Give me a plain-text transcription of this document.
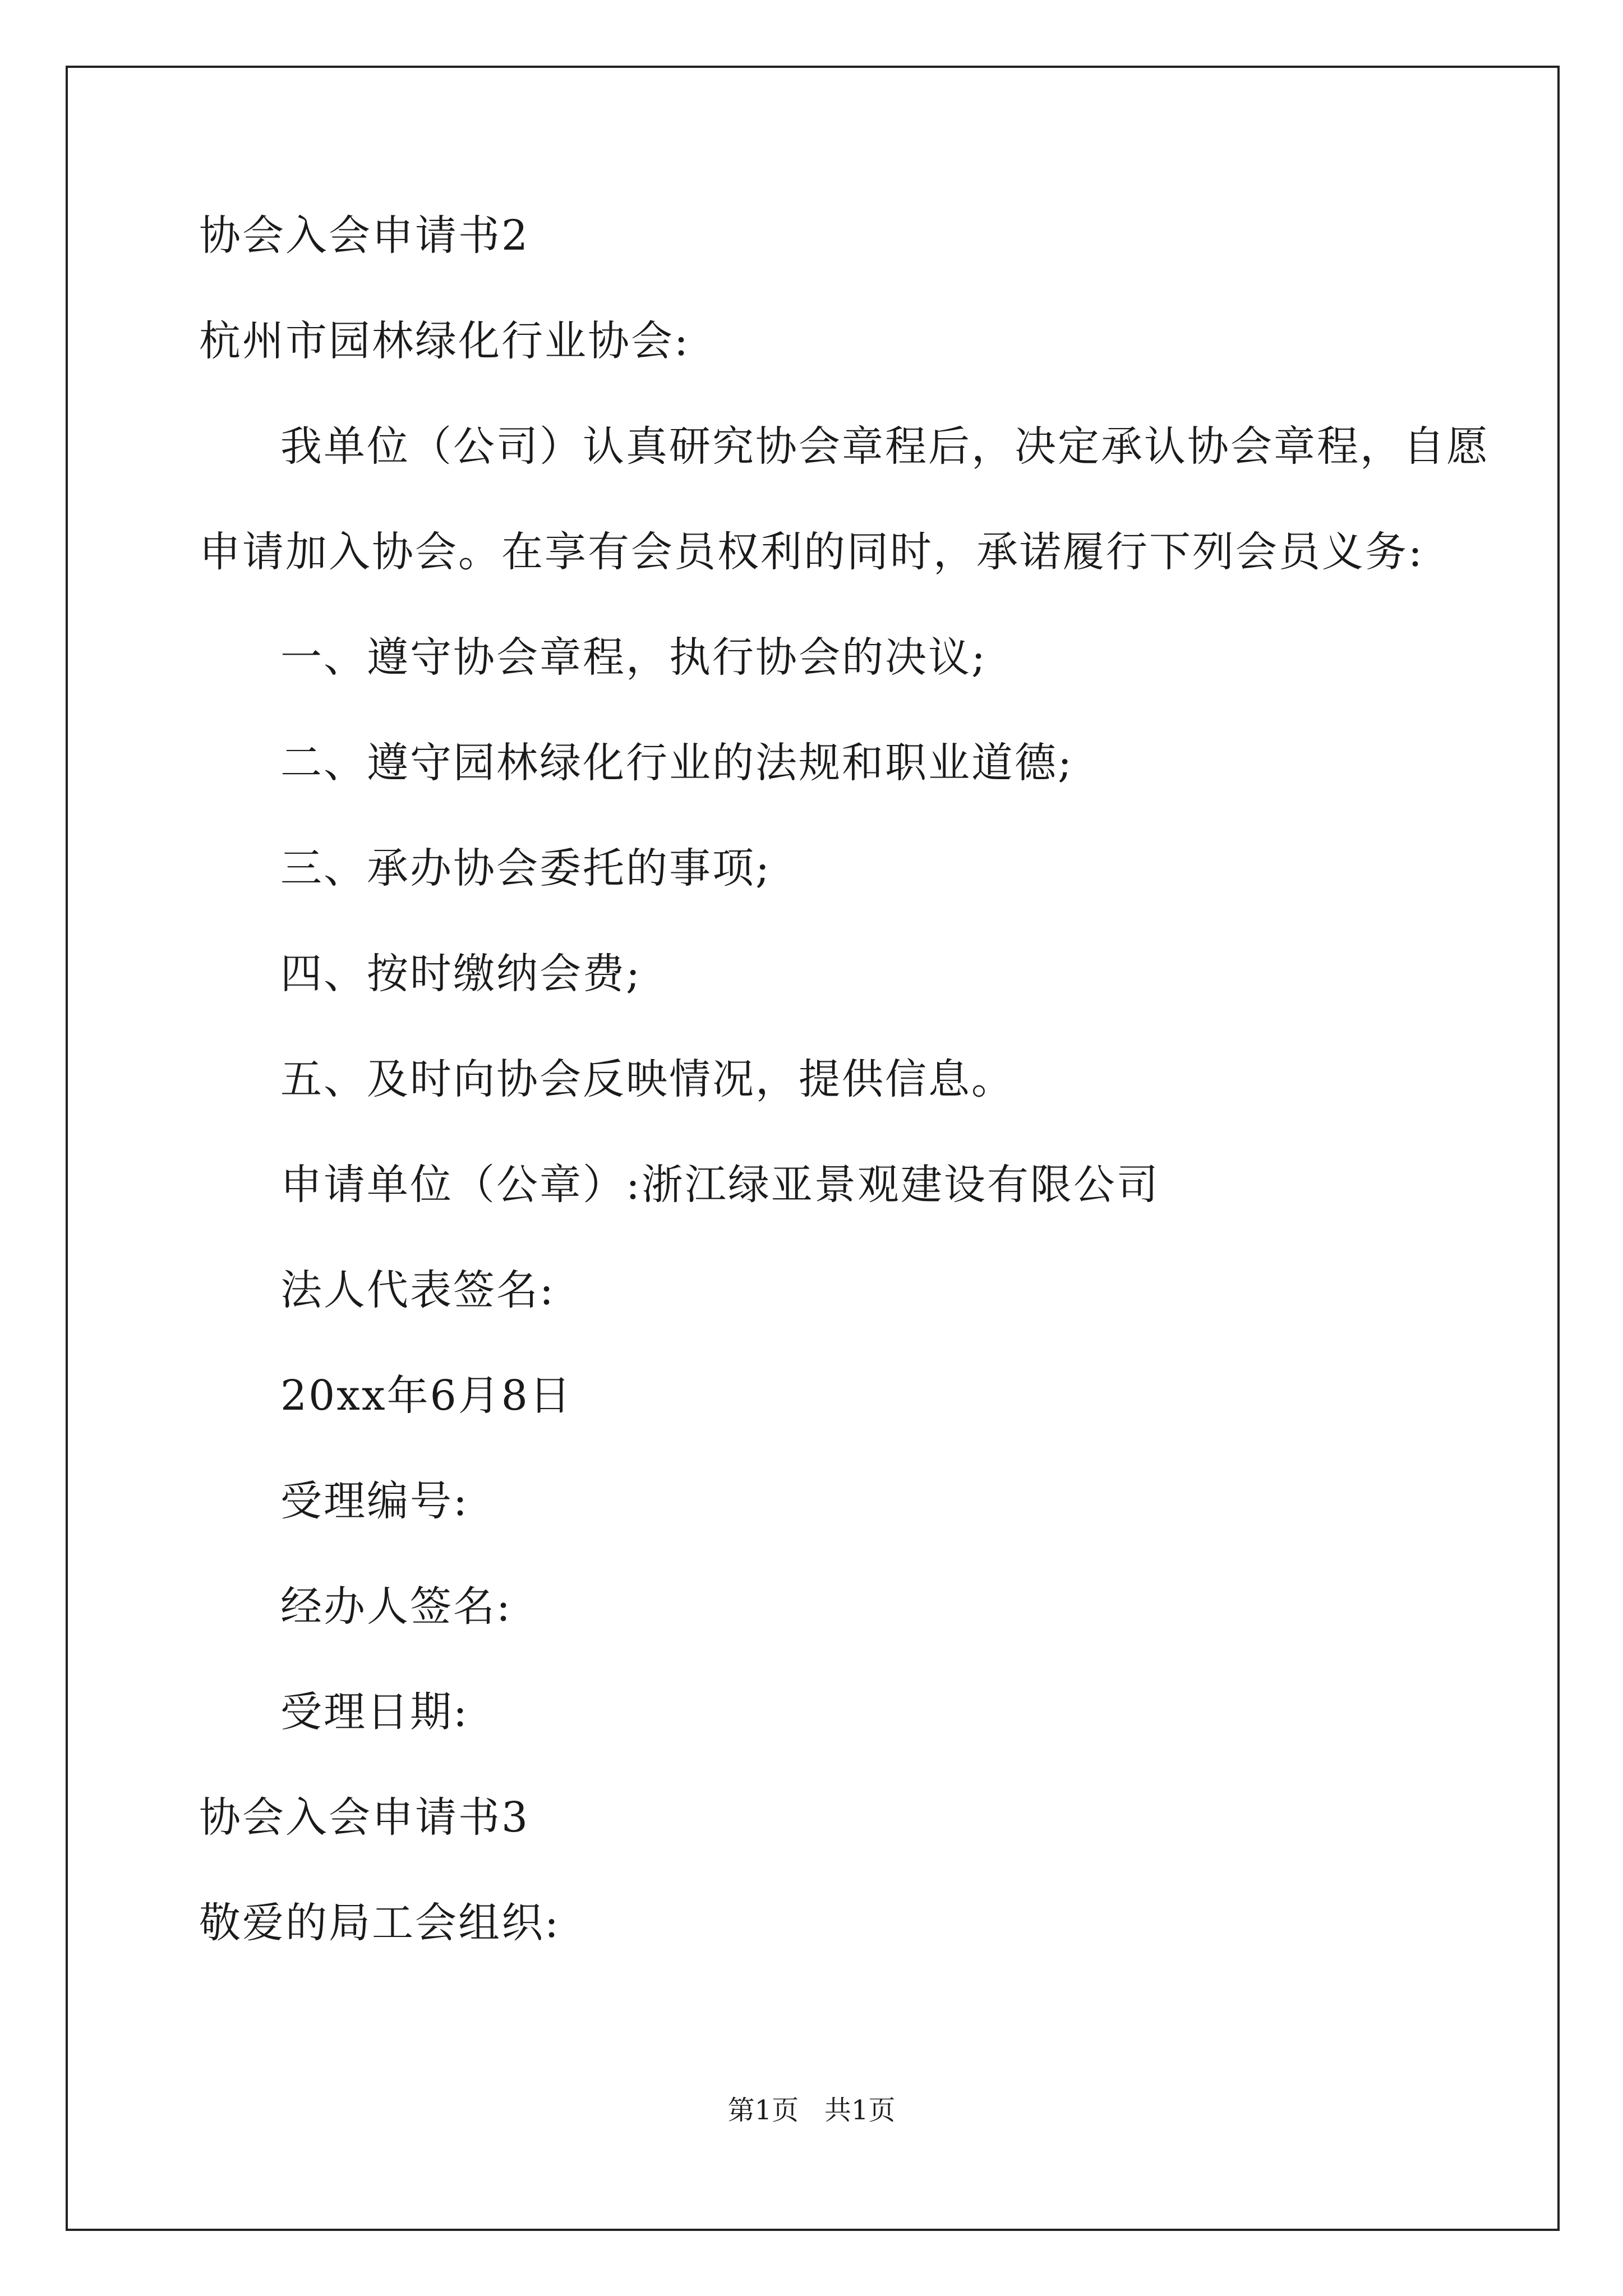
协会入会申请书2
杭州市园林绿化行业协会:
我单位（公司）认真研究协会章程后，决定承认协会章程，自愿
申请加入协会。在享有会员权利的同时，承诺履行下列会员义务:
一、遵守协会章程，执行协会的决议;
二、遵守园林绿化行业的法规和职业道德;
三、承办协会委托的事项;
四、按时缴纳会费;
五、及时向协会反映情况，提供信息。
申请单位（公章）:浙江绿亚景观建设有限公司
法人代表签名:
20xx年6月8日
受理编号:
经办人签名:
受理日期:
协会入会申请书3
敬爱的局工会组织:
第1页   共1页
